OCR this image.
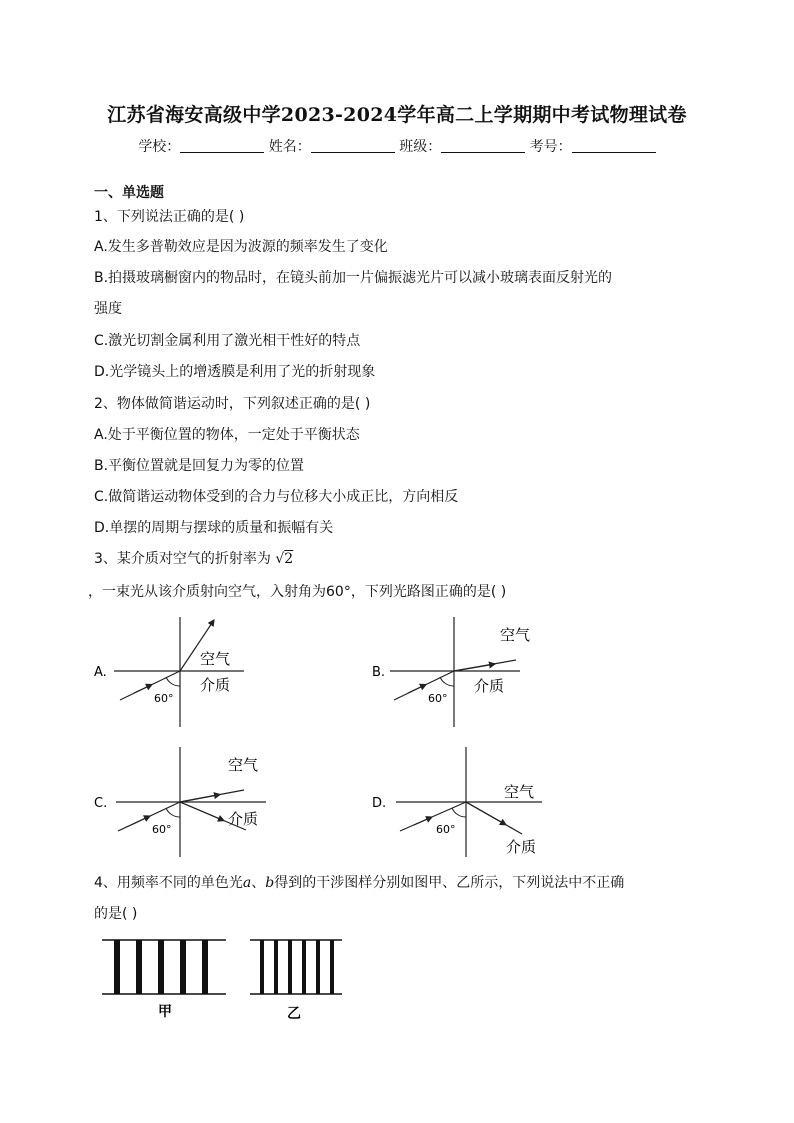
江苏省海安高级中学2023-2024学年高二上学期期中考试物理试卷
学校：	姓名：	班级：	考号：
一、单选题
1、下列说法正确的是( )
A.发生多普勒效应是因为波源的频率发生了变化
B.拍摄玻璃橱窗内的物品时，在镜头前加一片偏振滤光片可以减小玻璃表面反射光的
强度
C.激光切割金属利用了激光相干性好的特点
D.光学镜头上的增透膜是利用了光的折射现象
2、物体做简谐运动时，下列叙述正确的是( )
A.处于平衡位置的物体，一定处于平衡状态
B.平衡位置就是回复力为零的位置
C.做简谐运动物体受到的合力与位移大小成正比，方向相反
D.单摆的周期与摆球的质量和振幅有关
3、某介质对空气的折射率为 √2
，一束光从该介质射向空气，入射角为60°，下列光路图正确的是( )
A.
空气
介质
60°
B.
空气
介质
60°
C.
空气
介质
60°
D.
空气
介质
60°
4、用频率不同的单色光a、b得到的干涉图样分别如图甲、乙所示，下列说法中不正确
的是( )
甲	乙
